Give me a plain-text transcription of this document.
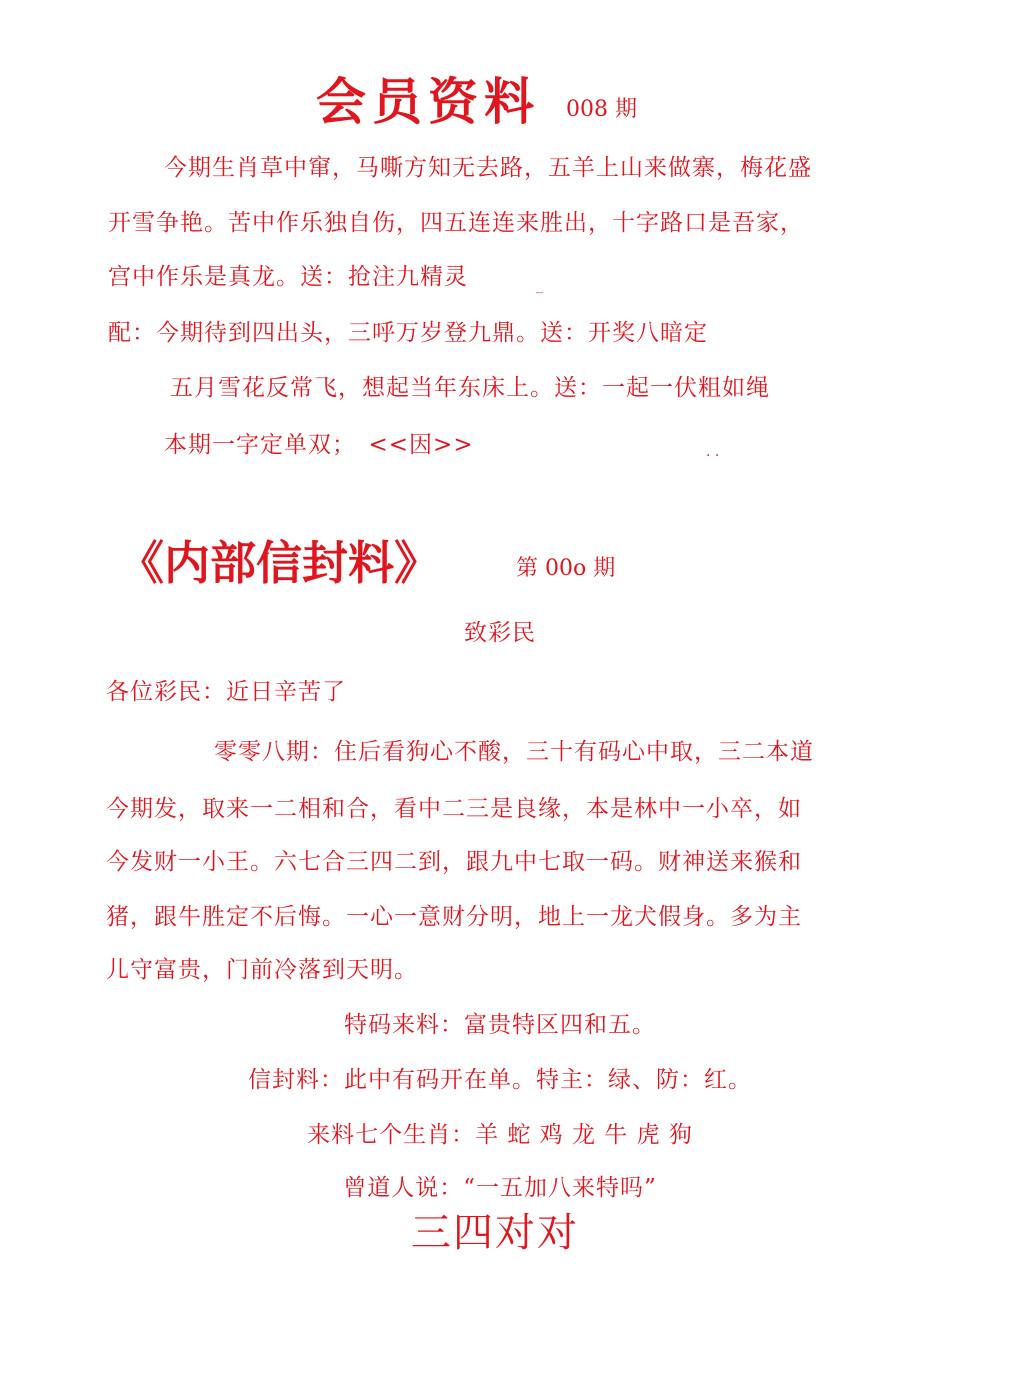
会员资料 008 期
今期生肖草中窜，马嘶方知无去路，五羊上山来做寨，梅花盛
开雪争艳。苦中作乐独自伤，四五连连来胜出，十字路口是吾家，
宫中作乐是真龙。送：抢注九精灵	_
配：今期待到四出头，三呼万岁登九鼎。送：开奖八暗定
五月雪花反常飞，想起当年东床上。送：一起一伏粗如绳
本期一字定单双；　<<因>>	· ·
《内部信封料》	第 00о 期
致彩民
各位彩民：近日辛苦了
零零八期：住后看狗心不酸，三十有码心中取，三二本道
今期发，取来一二相和合，看中二三是良缘，本是林中一小卒，如
今发财一小王。六七合三四二到，跟九中七取一码。财神送来猴和
猪，跟牛胜定不后悔。一心一意财分明，地上一龙犬假身。多为主
儿守富贵，门前冷落到天明。
特码来料：富贵特区四和五。
信封料：此中有码开在单。特主：绿、防：红。
来料七个生肖：羊 蛇 鸡 龙 牛 虎 狗
曾道人说：“一五加八来特吗”
三四对对
